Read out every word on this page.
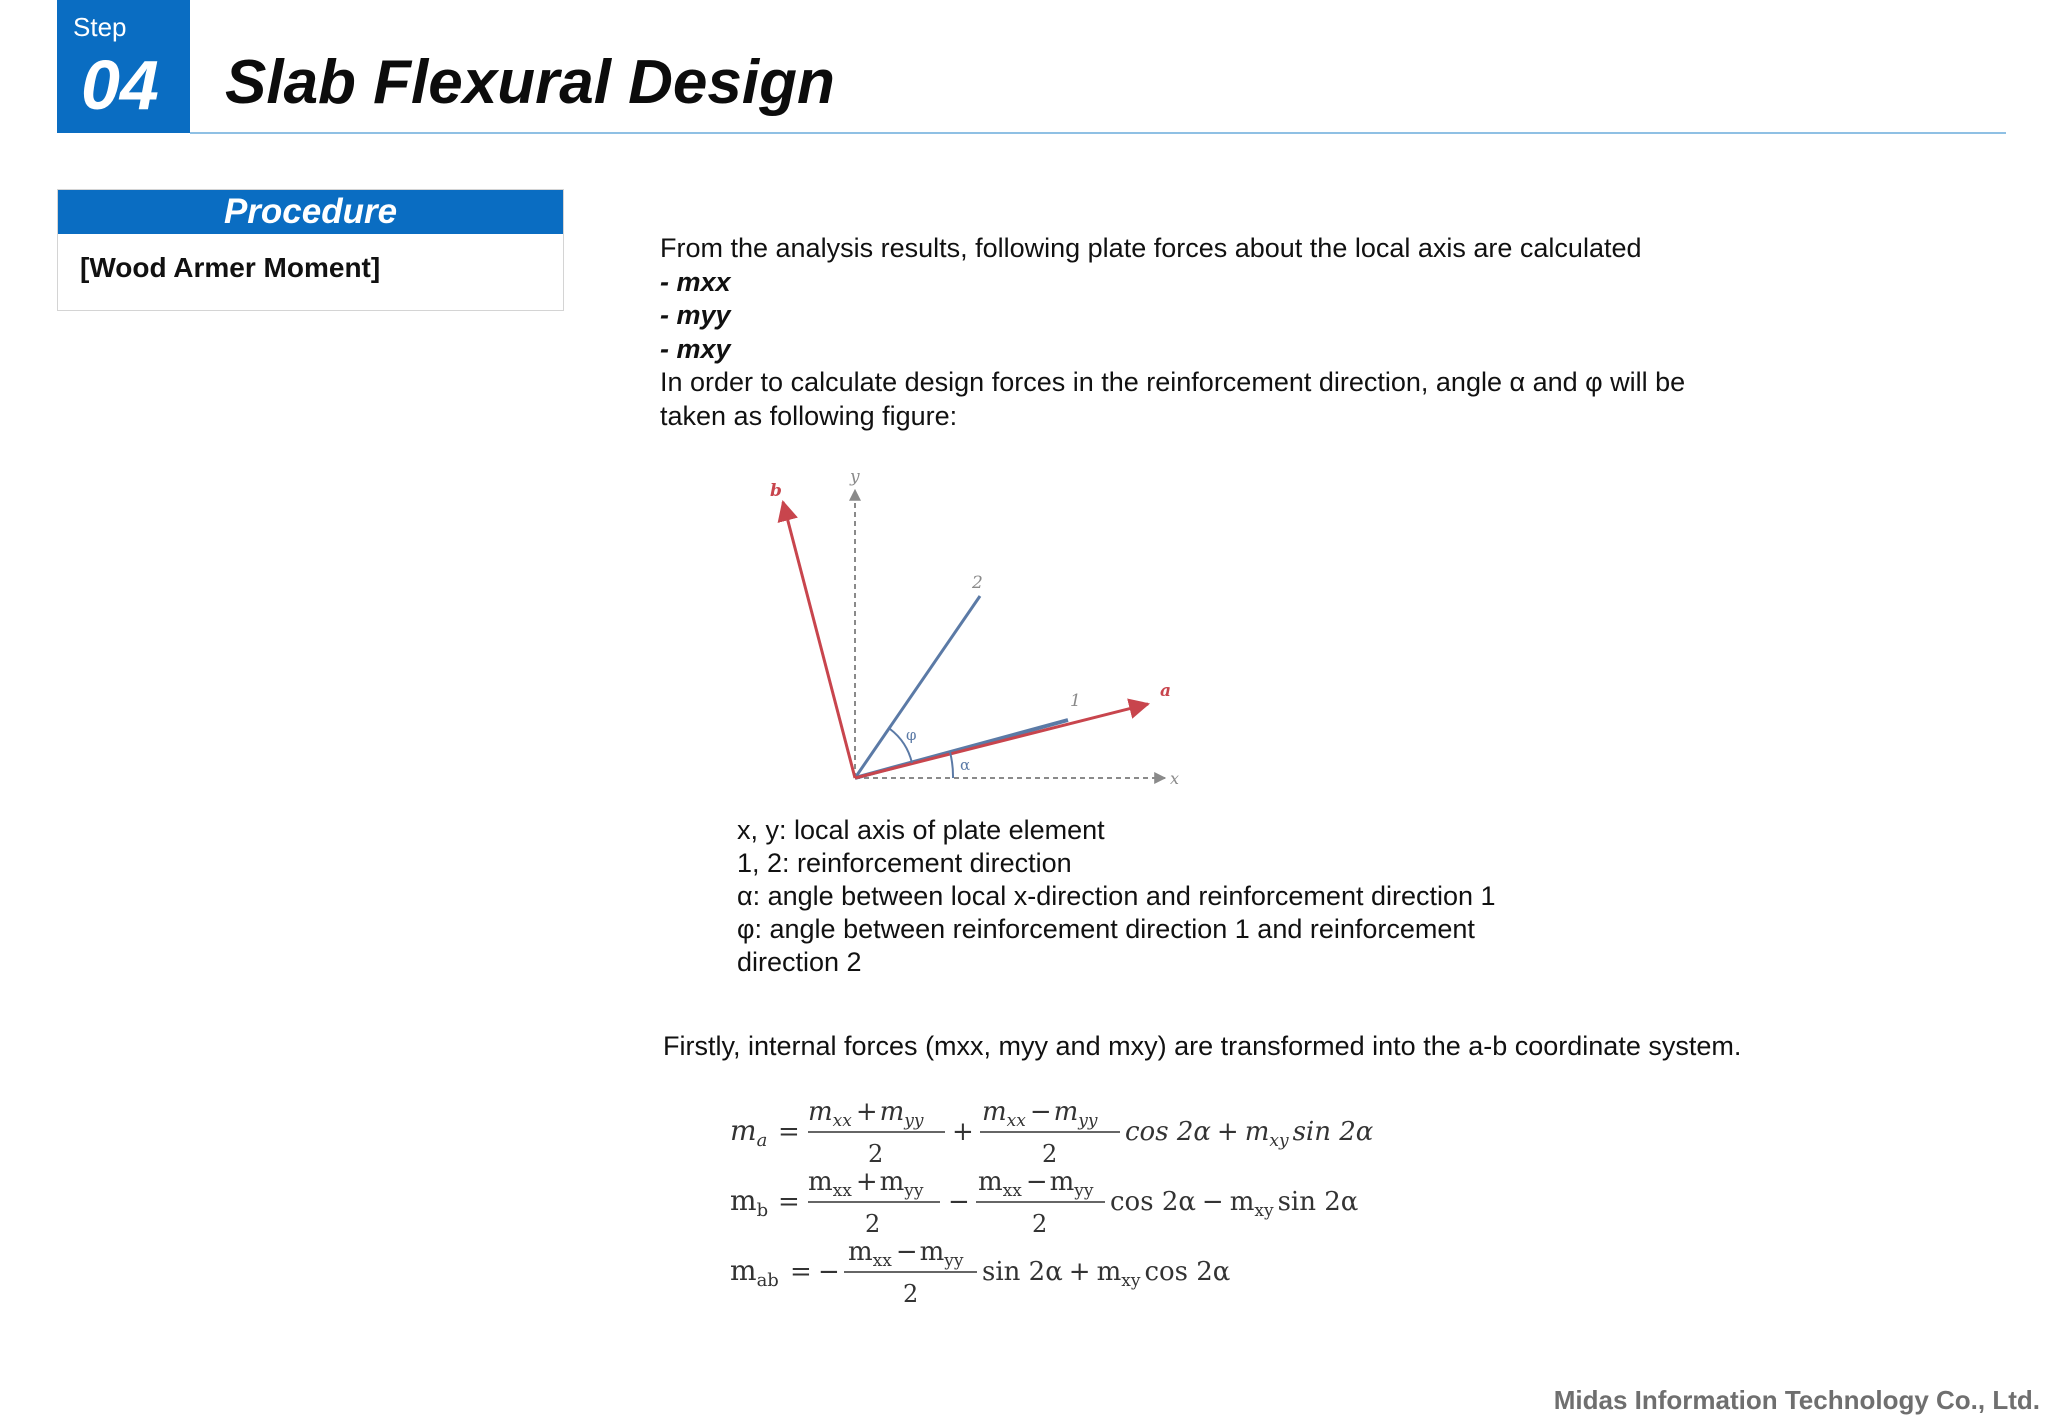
Step
04 Slab Flexural Design
Procedure
[Wood Armer Moment]

From the analysis results, following plate forces about the local axis are calculated

- mxx

- myy

- mxy

In order to calculate design forces in the reinforcement direction, angle α and φ will be

taken as following figure:

y
b
2
1	a
x
φ
α

x, y: local axis of plate element

1, 2: reinforcement direction

α: angle between local x-direction and reinforcement direction 1

φ: angle between reinforcement direction 1 and reinforcement

direction 2

Firstly, internal forces (mxx, myy and mxy) are transformed into the a-b coordinate system.
$m_a$ =
$m_{xx} +m_{yy}$
2
+
$m_{xx} -m_{yy}$
2
$\cos 2\alpha + m_{xy}$ sin 2α
$m_b$ =
$m_{xx} +m_{yy}$
2
−
$m_{xx} -m_{yy}$
2
$\cos 2\alpha - m_{xy}$ sin 2α
$m_{ab}$ = −
$m_{xx} -m_{yy}$
2
$\sin 2\alpha + m_{xy}$ cos 2α
Midas Information Technology Co., Ltd.
